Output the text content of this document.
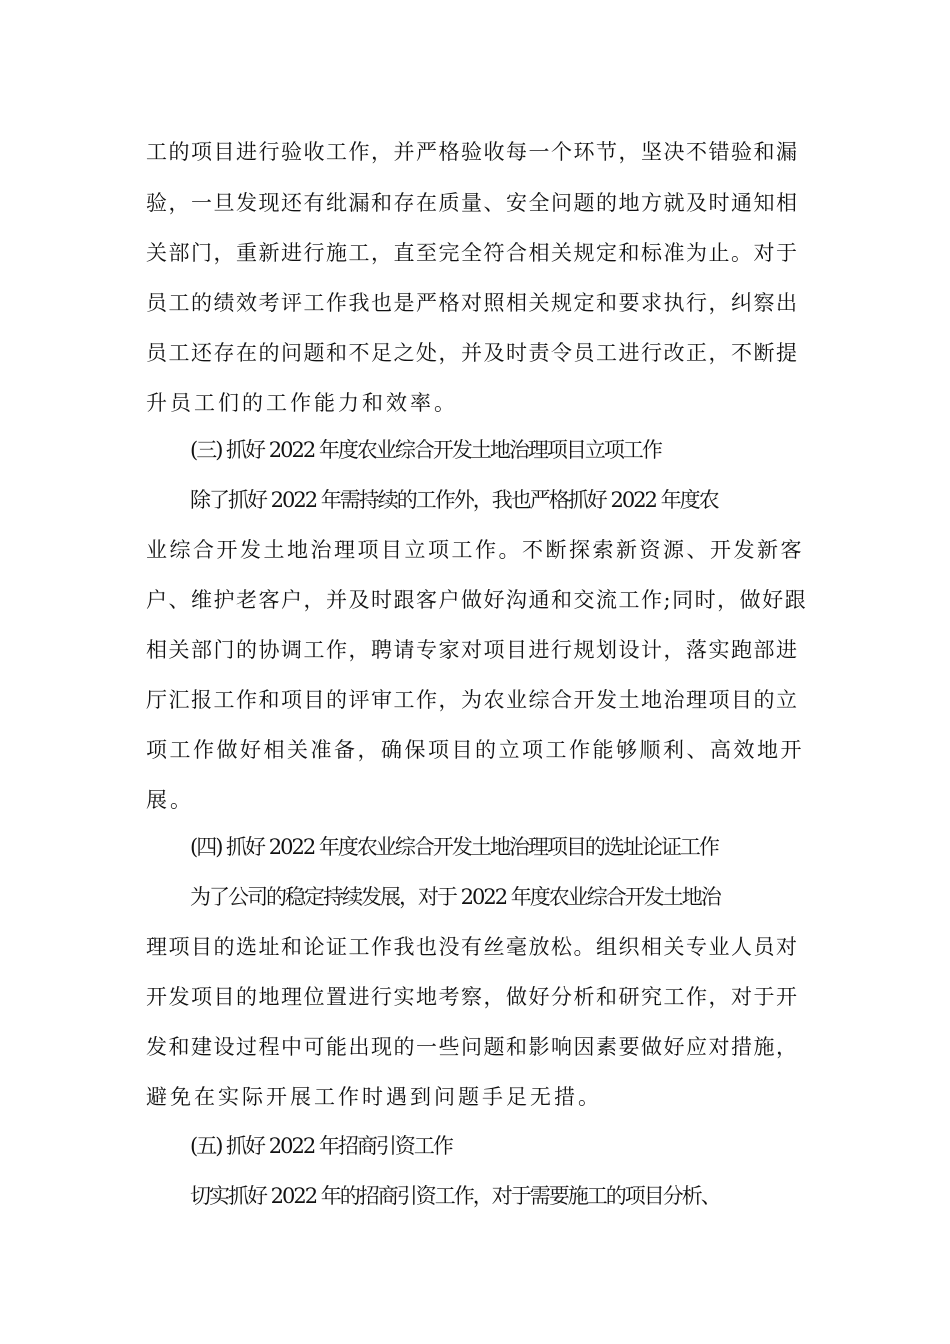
工的项目进行验收工作，并严格验收每一个环节，坚决不错验和漏
验，一旦发现还有纰漏和存在质量、安全问题的地方就及时通知相
关部门，重新进行施工，直至完全符合相关规定和标准为止。对于
员工的绩效考评工作我也是严格对照相关规定和要求执行，纠察出
员工还存在的问题和不足之处，并及时责令员工进行改正，不断提
升员工们的工作能力和效率。
(三) 抓好 2022 年度农业综合开发土地治理项目立项工作
除了抓好 2022 年需持续的工作外，我也严格抓好 2022 年度农
业综合开发土地治理项目立项工作。不断探索新资源、开发新客
户、维护老客户，并及时跟客户做好沟通和交流工作;同时，做好跟
相关部门的协调工作，聘请专家对项目进行规划设计，落实跑部进
厅汇报工作和项目的评审工作，为农业综合开发土地治理项目的立
项工作做好相关准备，确保项目的立项工作能够顺利、高效地开
展。
(四) 抓好 2022 年度农业综合开发土地治理项目的选址论证工作
为了公司的稳定持续发展，对于 2022 年度农业综合开发土地治
理项目的选址和论证工作我也没有丝毫放松。组织相关专业人员对
开发项目的地理位置进行实地考察，做好分析和研究工作，对于开
发和建设过程中可能出现的一些问题和影响因素要做好应对措施，
避免在实际开展工作时遇到问题手足无措。
(五) 抓好 2022 年招商引资工作
切实抓好 2022 年的招商引资工作，对于需要施工的项目分析、
